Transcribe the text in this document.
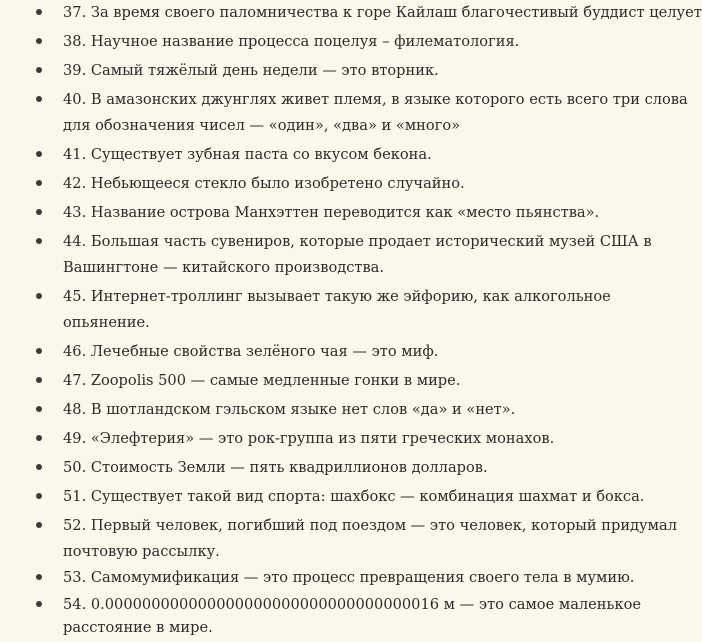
37. За время своего паломничества к горе Кайлаш благочестивый буддист целует
38. Научное название процесса поцелуя – филематология.
39. Самый тяжёлый день недели — это вторник.
40. В амазонских джунглях живет племя, в языке которого есть всего три слова
для обозначения чисел — «один», «два» и «много»
41. Существует зубная паста со вкусом бекона.
42. Небьющееся стекло было изобретено случайно.
43. Название острова Манхэттен переводится как «место пьянства».
44. Большая часть сувениров, которые продает исторический музей США в
Вашингтоне — китайского производства.
45. Интернет-троллинг вызывает такую же эйфорию, как алкогольное
опьянение.
46. Лечебные свойства зелёного чая — это миф.
47. Zoopolis 500 — самые медленные гонки в мире.
48. В шотландском гэльском языке нет слов «да» и «нет».
49. «Элефтерия» — это рок-группа из пяти греческих монахов.
50. Стоимость Земли — пять квадриллионов долларов.
51. Существует такой вид спорта: шахбокс — комбинация шахмат и бокса.
52. Первый человек, погибший под поездом — это человек, который придумал
почтовую рассылку.
53. Самомумификация — это процесс превращения своего тела в мумию.
54. 0.000000000000000000000000000000000016 м — это самое маленькое
расстояние в мире.
